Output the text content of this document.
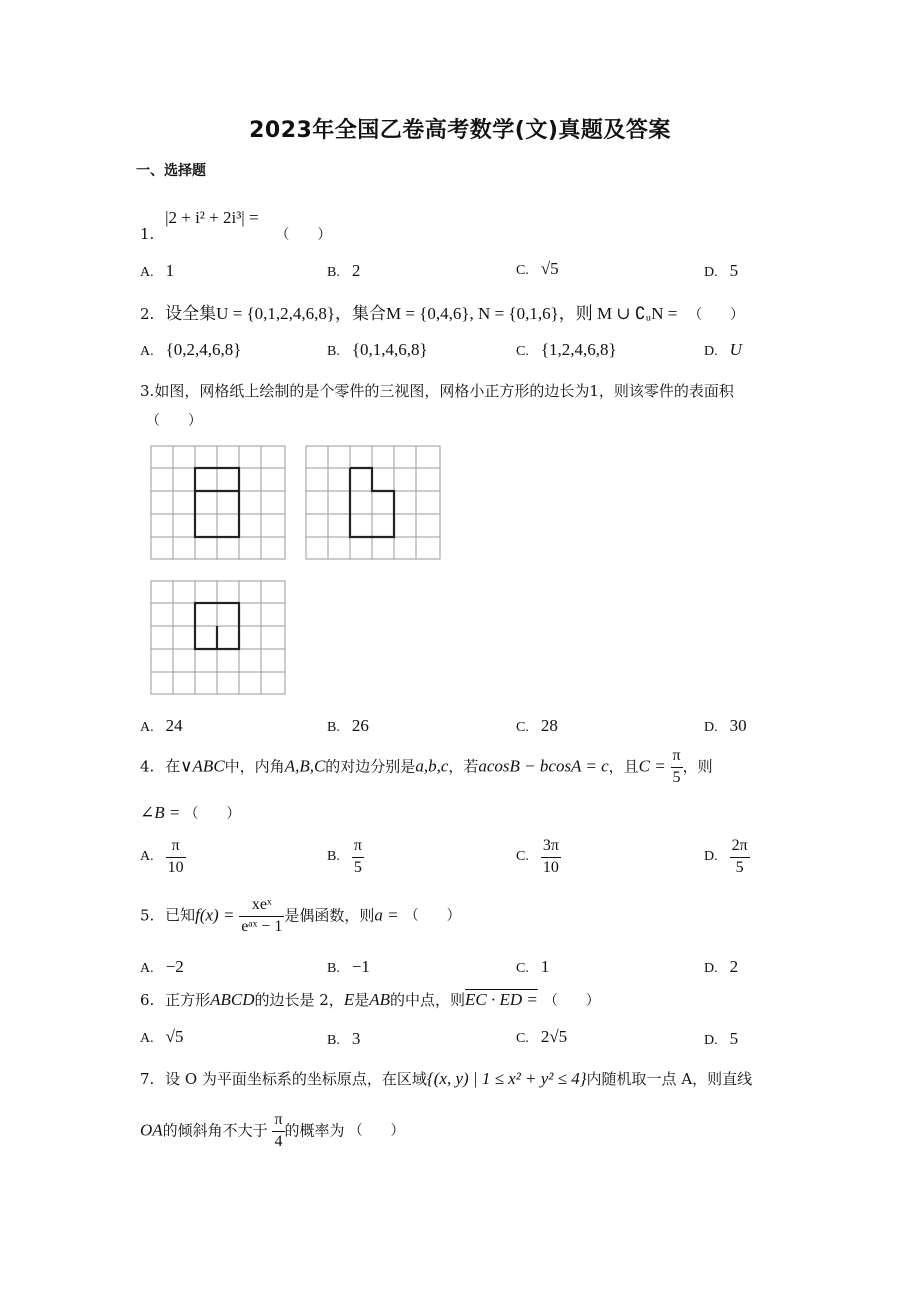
2023年全国乙卷高考数学(文)真题及答案
一、选择题
1. |2 + i² + 2i³| = （　　）
A. 1	B. 2	C. √5	D. 5
2. 设全集U = {0,1,2,4,6,8}，集合M = {0,4,6}, N = {0,1,6}，则 M ∪ ∁ᵤN = （　　）
A. {0,2,4,6,8}	B. {0,1,4,6,8}	C. {1,2,4,6,8}	D. U
3.如图，网格纸上绘制的是个零件的三视图，网格小正方形的边长为1，则该零件的表面积
（　　）
A. 24	B. 26	C. 28	D. 30
4. 在∨ABC中，内角A,B,C的对边分别是a,b,c，若acosB − bcosA = c，且$C = \frac{\pi}{5}$ ，则
∠B = （　　）
A. $\frac{\pi}{10}$	B. $\frac{\pi}{5}$	C. $\frac{3\pi}{10}$	D. $\frac{2\pi}{5}$
5. 已知$f(x) = \frac{\text{xeˣ}}{\text{eᵃˣ − 1}}$ 是偶函数，则a = （　　）
A. −2	B. −1	C. 1	D. 2
6. 正方形ABCD的边长是 2，E是AB的中点，则EC · ED = （　　）
A. √5	B. 3	C. 2√5	D. 5
7. 设 O 为平面坐标系的坐标原点，在区域{(x, y) | 1 ≤ x² + y² ≤ 4}内随机取一点 A，则直线
OA的倾斜角不大于 $\frac{\pi}{4}$ 的概率为 （　　）
